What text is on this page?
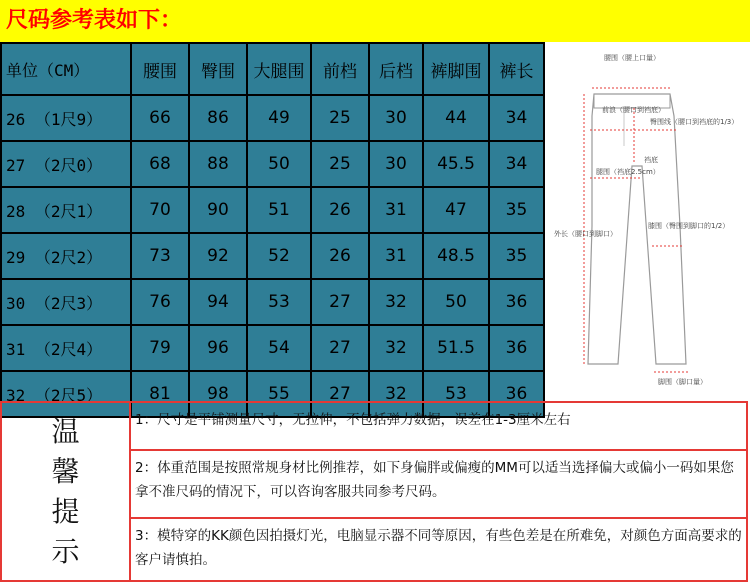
尺码参考表如下：
单位（CM）	腰围	臀围	大腿围	前档	后档	裤脚围	裤长
26 （1尺9）	66	86	49	25	30	44	34
27 （2尺0）	68	88	50	25	30	45.5	34
28 （2尺1）	70	90	51	26	31	47	35
29 （2尺2）	73	92	52	26	31	48.5	35
30 （2尺3）	76	94	53	27	32	50	36
31 （2尺4）	79	96	54	27	32	51.5	36
32 （2尺5）	81	98	55	27	32	53	36
腰围（腰上口量）
前浪（腰口到裆底）
臀围线（腰口到裆底的1/3）
裆底
腿围（裆底2.5cm）
外长（腰口到脚口）
膝围（臀围到脚口的1/2）
脚围（脚口量）
温
馨
提
示
1：尺寸是平铺测量尺寸，无拉伸，不包括弹力数据，误差在1-3厘米左右
2：体重范围是按照常规身材比例推荐，如下身偏胖或偏瘦的MM可以适当选择偏大或偏小一码如果您拿不准尺码的情况下，可以咨询客服共同参考尺码。
3：模特穿的KK颜色因拍摄灯光，电脑显示器不同等原因，有些色差是在所难免，对颜色方面高要求的客户请慎拍。
